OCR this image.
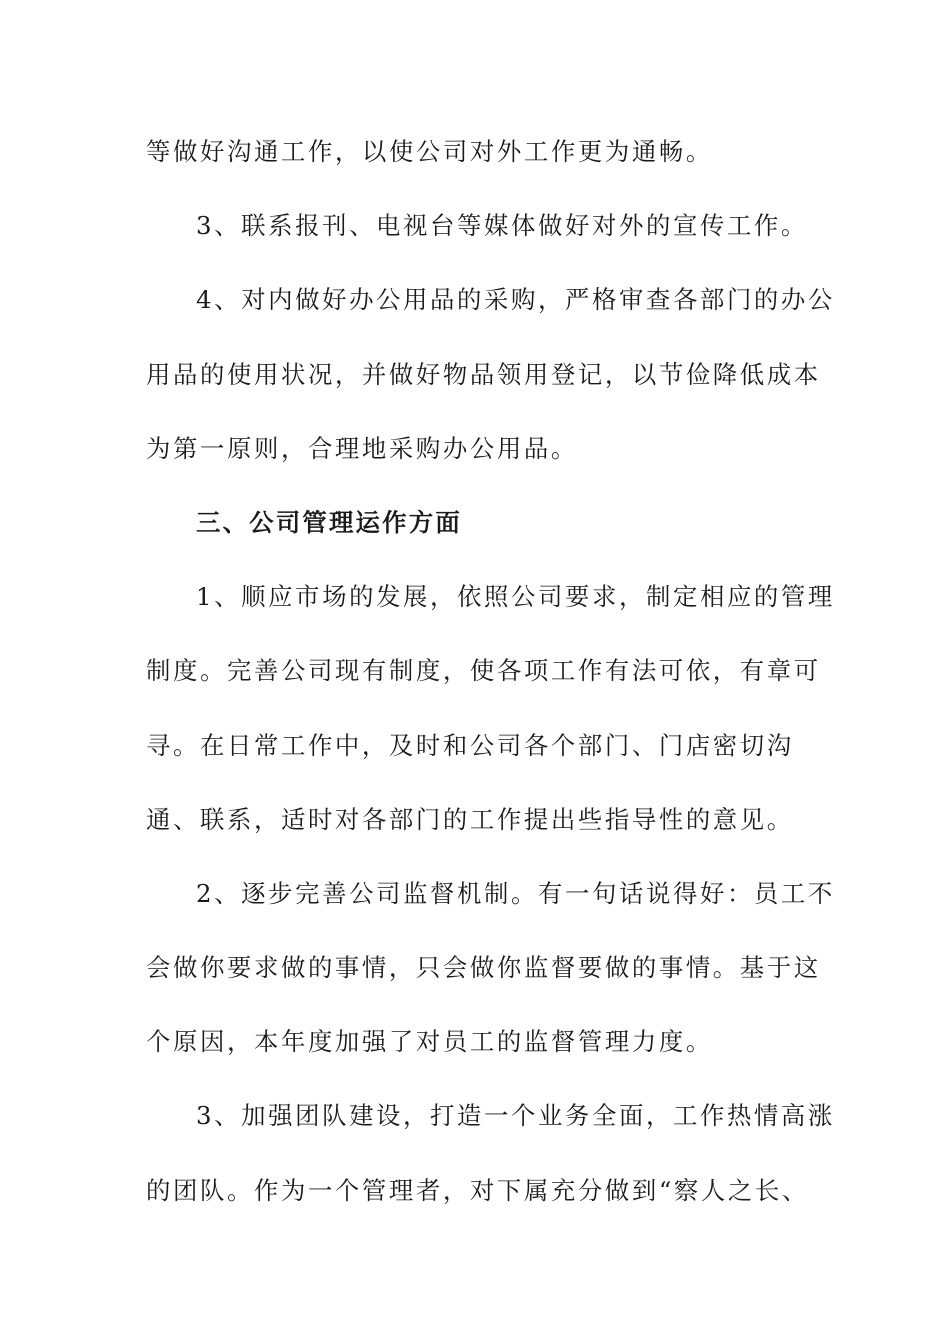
等做好沟通工作，以使公司对外工作更为通畅。
3、联系报刊、电视台等媒体做好对外的宣传工作。
4、对内做好办公用品的采购，严格审查各部门的办公
用品的使用状况，并做好物品领用登记，以节俭降低成本
为第一原则，合理地采购办公用品。
三、公司管理运作方面
1、顺应市场的发展，依照公司要求，制定相应的管理
制度。完善公司现有制度，使各项工作有法可依，有章可
寻。在日常工作中，及时和公司各个部门、门店密切沟
通、联系，适时对各部门的工作提出些指导性的意见。
2、逐步完善公司监督机制。有一句话说得好：员工不
会做你要求做的事情，只会做你监督要做的事情。基于这
个原因，本年度加强了对员工的监督管理力度。
3、加强团队建设，打造一个业务全面，工作热情高涨
的团队。作为一个管理者，对下属充分做到“察人之长、
